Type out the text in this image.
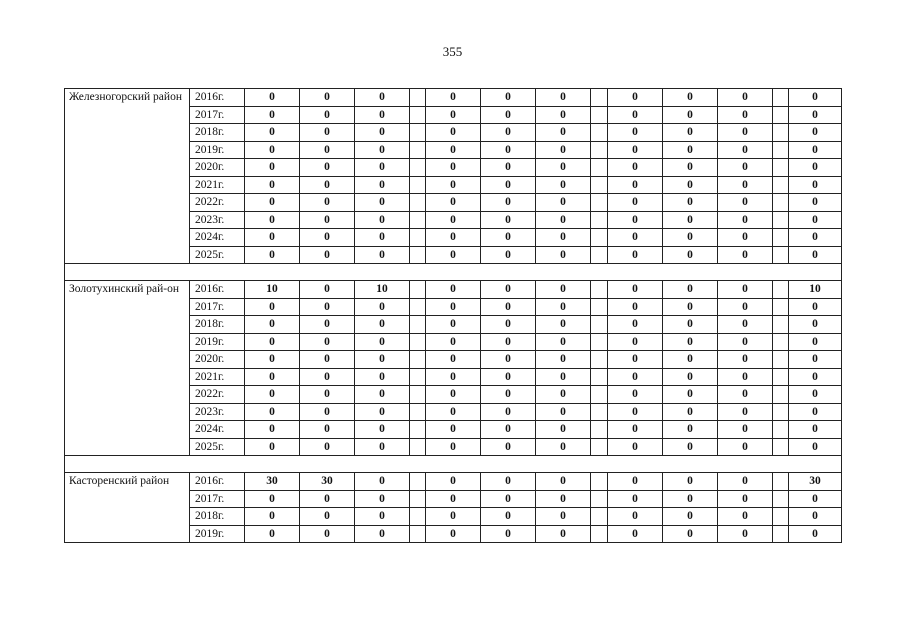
355
Железногорский район	2016г.	0	0	0		0	0	0		0	0	0		0
	2017г.	0	0	0		0	0	0		0	0	0		0
	2018г.	0	0	0		0	0	0		0	0	0		0
	2019г.	0	0	0		0	0	0		0	0	0		0
	2020г.	0	0	0		0	0	0		0	0	0		0
	2021г.	0	0	0		0	0	0		0	0	0		0
	2022г.	0	0	0		0	0	0		0	0	0		0
	2023г.	0	0	0		0	0	0		0	0	0		0
	2024г.	0	0	0		0	0	0		0	0	0		0
	2025г.	0	0	0		0	0	0		0	0	0		0

Золотухинский рай-он	2016г.	10	0	10		0	0	0		0	0	0		10
	2017г.	0	0	0		0	0	0		0	0	0		0
	2018г.	0	0	0		0	0	0		0	0	0		0
	2019г.	0	0	0		0	0	0		0	0	0		0
	2020г.	0	0	0		0	0	0		0	0	0		0
	2021г.	0	0	0		0	0	0		0	0	0		0
	2022г.	0	0	0		0	0	0		0	0	0		0
	2023г.	0	0	0		0	0	0		0	0	0		0
	2024г.	0	0	0		0	0	0		0	0	0		0
	2025г.	0	0	0		0	0	0		0	0	0		0

Касторенский район	2016г.	30	30	0		0	0	0		0	0	0		30
	2017г.	0	0	0		0	0	0		0	0	0		0
	2018г.	0	0	0		0	0	0		0	0	0		0
	2019г.	0	0	0		0	0	0		0	0	0		0
